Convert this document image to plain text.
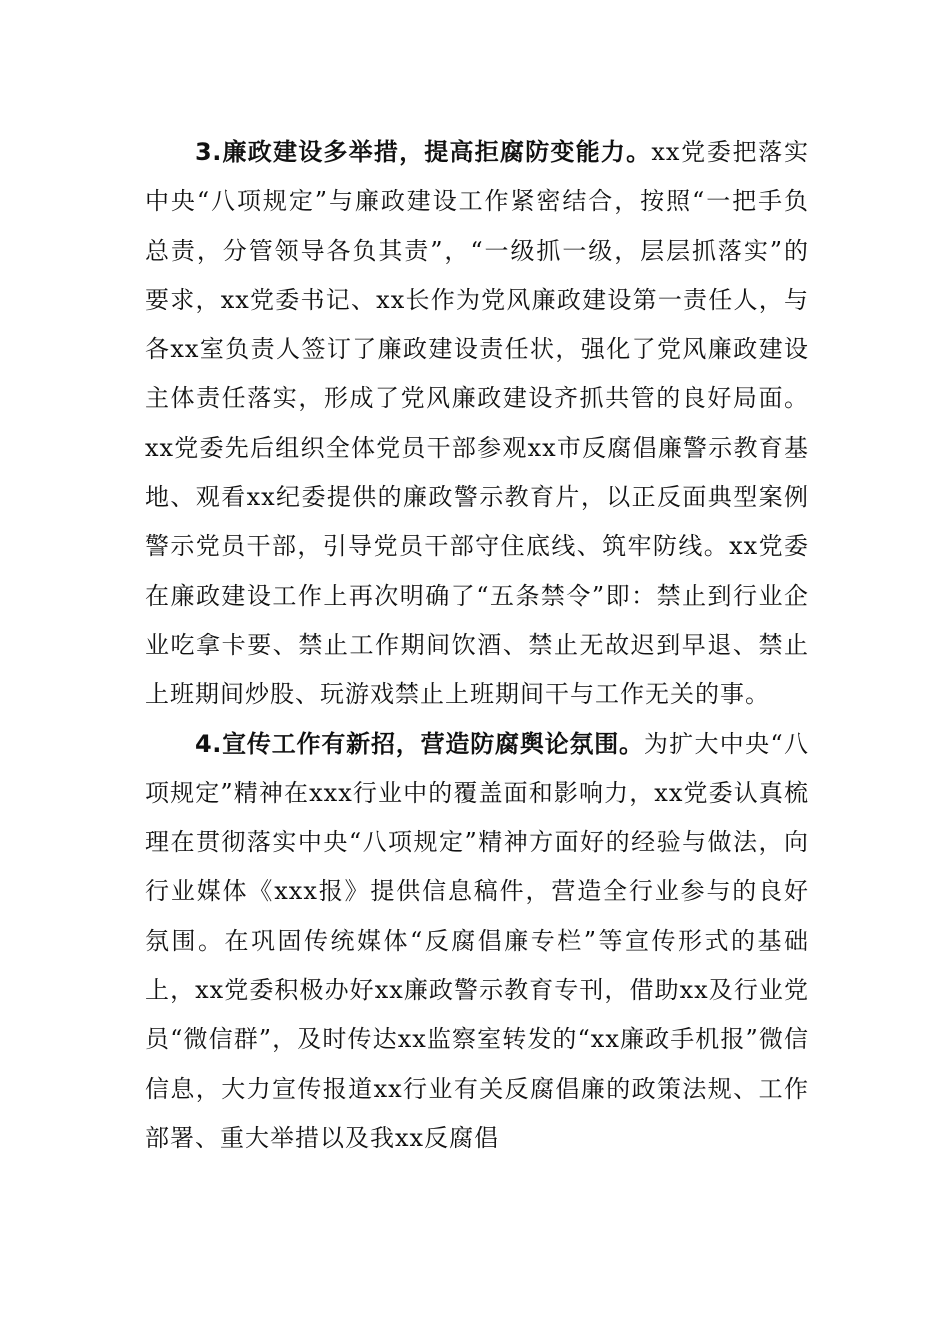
3.廉政建设多举措，提高拒腐防变能力。xx党委把落实中央“八项规定”与廉政建设工作紧密结合，按照“一把手负总责，分管领导各负其责”，“一级抓一级，层层抓落实”的要求，xx党委书记、xx长作为党风廉政建设第一责任人，与各xx室负责人签订了廉政建设责任状，强化了党风廉政建设主体责任落实，形成了党风廉政建设齐抓共管的良好局面。xx党委先后组织全体党员干部参观xx市反腐倡廉警示教育基地、观看xx纪委提供的廉政警示教育片，以正反面典型案例警示党员干部，引导党员干部守住底线、筑牢防线。xx党委在廉政建设工作上再次明确了“五条禁令”即：禁止到行业企业吃拿卡要、禁止工作期间饮酒、禁止无故迟到早退、禁止上班期间炒股、玩游戏禁止上班期间干与工作无关的事。

4.宣传工作有新招，营造防腐舆论氛围。为扩大中央“八项规定”精神在xxx行业中的覆盖面和影响力，xx党委认真梳理在贯彻落实中央“八项规定”精神方面好的经验与做法，向行业媒体《xxx报》提供信息稿件，营造全行业参与的良好氛围。在巩固传统媒体“反腐倡廉专栏”等宣传形式的基础上，xx党委积极办好xx廉政警示教育专刊，借助xx及行业党员“微信群”，及时传达xx监察室转发的“xx廉政手机报”微信信息，大力宣传报道xx行业有关反腐倡廉的政策法规、工作部署、重大举措以及我xx反腐倡
